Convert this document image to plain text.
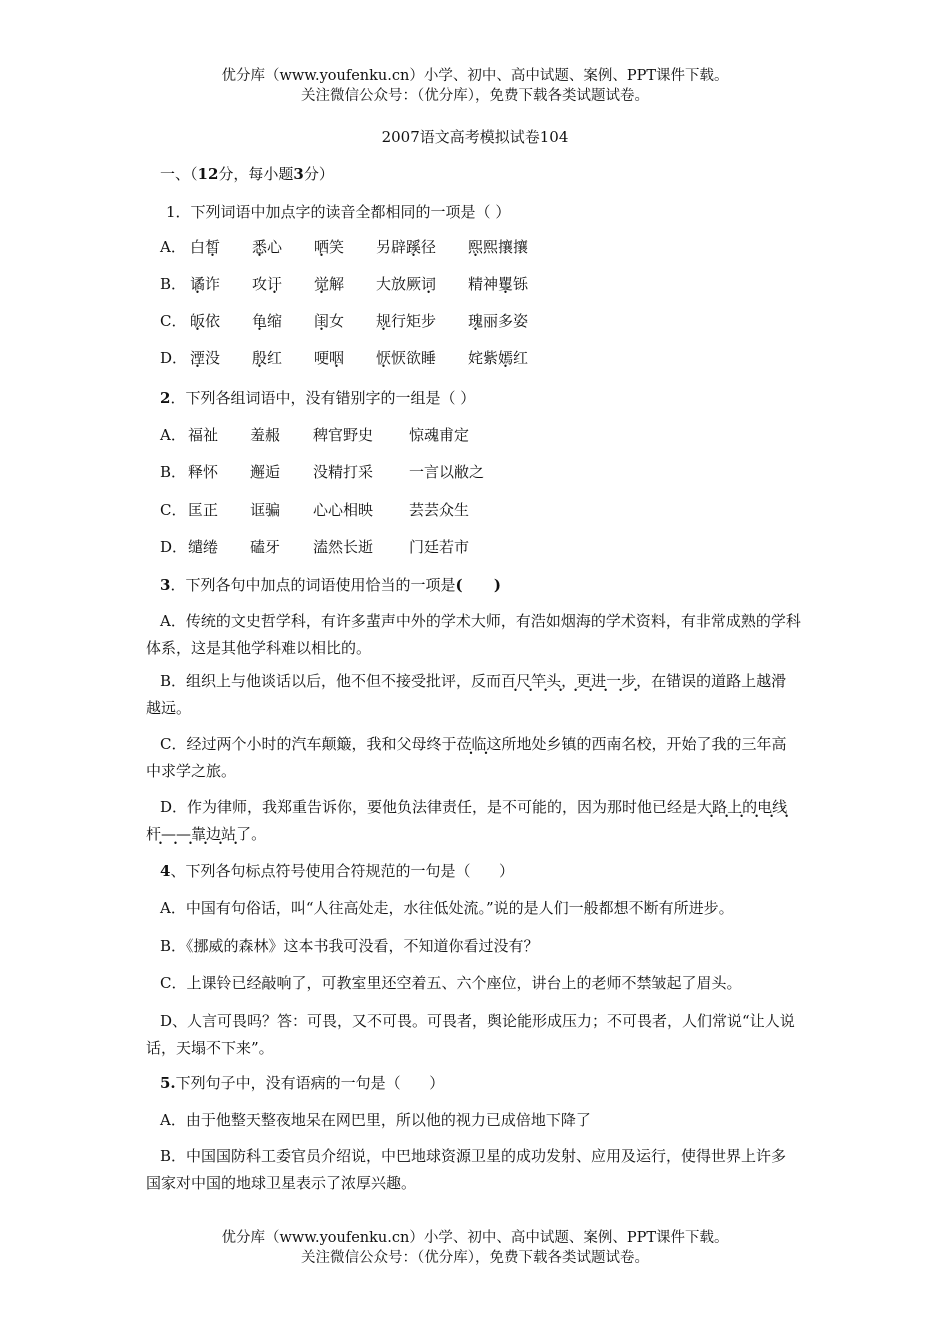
优分库（www.youfenku.cn）小学、初中、高中试题、案例、PPT课件下载。
关注微信公众号：（优分库），免费下载各类试题试卷。
2007语文高考模拟试卷104
一、（12分，每小题3分）
1．下列词语中加点字的读音全都相同的一项是（ ）
A． 白皙 悉心 哂笑 另辟蹊径 熙熙攘攘
B． 谲诈 攻讦 觉解 大放厥词 精神矍铄
C． 皈依 龟缩 闺女 规行矩步 瑰丽多姿
D． 湮没 殷红 哽咽 恹恹欲睡 姹紫嫣红
2．下列各组词语中，没有错别字的一组是（ ）
A． 福祉 羞赧 稗官野史 惊魂甫定
B． 释怀 邂逅 没精打采 一言以敝之
C． 匡正 诓骗 心心相映 芸芸众生
D．缱绻 磕牙 溘然长逝 门廷若市
3．下列各句中加点的词语使用恰当的一项是(      )
A．传统的文史哲学科，有许多蜚声中外的学术大师，有浩如烟海的学术资料，有非常成熟的学科体系，这是其他学科难以相比的。
B．组织上与他谈话以后，他不但不接受批评，反而百尺竿头， •更进一步，在错误的道路上越滑越远。
C．经过两个小时的汽车颠簸，我和父母终于莅临这所地处乡镇的西南名校，开始了我的三年高中求学之旅。
D．作为律师，我郑重告诉你，要他负法律责任，是不可能的，因为那时他已经是大路上的电线杆— •— •靠边站了。
4、下列各句标点符号使用合符规范的一句是（      ）
A．中国有句俗话，叫“人往高处走，水往低处流。”说的是人们一般都想不断有所进步。
B．《挪威的森林》这本书我可没看，不知道你看过没有？
C．上课铃已经敲响了，可教室里还空着五、六个座位，讲台上的老师不禁皱起了眉头。
D、人言可畏吗？答：可畏，又不可畏。可畏者，舆论能形成压力；不可畏者，人们常说“让人说话，天塌不下来”。
5.下列句子中，没有语病的一句是（      ）
A．由于他整天整夜地呆在网巴里，所以他的视力已成倍地下降了
B．中国国防科工委官员介绍说，中巴地球资源卫星的成功发射、应用及运行，使得世界上许多国家对中国的地球卫星表示了浓厚兴趣。
优分库（www.youfenku.cn）小学、初中、高中试题、案例、PPT课件下载。
关注微信公众号：（优分库），免费下载各类试题试卷。
